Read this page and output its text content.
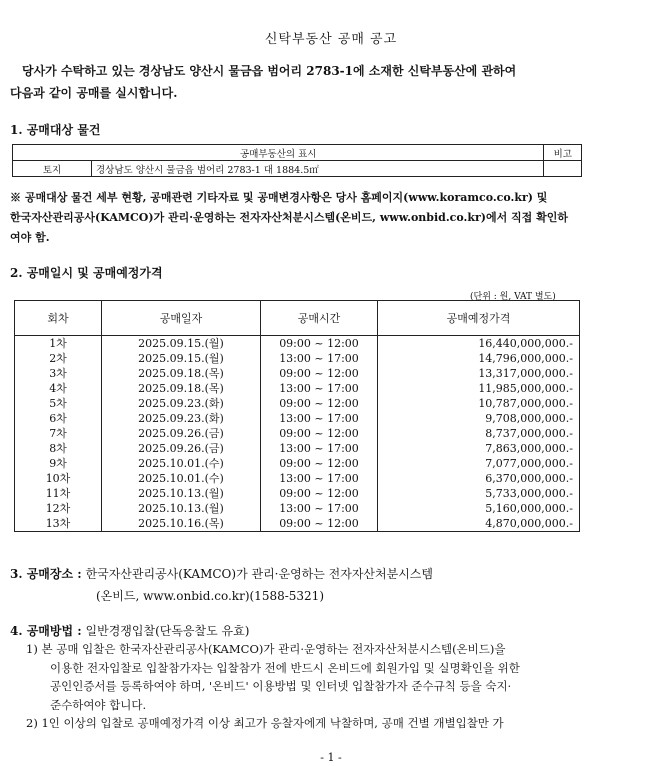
신탁부동산 공매 공고

　당사가 수탁하고 있는 경상남도 양산시 물금읍 범어리 2783-1에 소재한 신탁부동산에 관하여

다음과 같이 공매를 실시합니다.

1. 공매대상 물건
공매부동산의 표시		비고
토지	경상남도 양산시 물금읍 범어리 2783-1 대 1884.5㎡	
※ 공매대상 물건 세부 현황, 공매관련 기타자료 및 공매변경사항은 당사 홈페이지(www.koramco.co.kr) 및
한국자산관리공사(KAMCO)가 관리·운영하는 전자자산처분시스템(온비드, www.onbid.co.kr)에서 직접 확인하
여야 함.
2. 공매일시 및 공매예정가격
(단위 : 원, VAT 별도)
회차	공매일자	공매시간	공매예정가격
1차	2025.09.15.(월)	09:00 ~ 12:00	16,440,000,000.-
2차	2025.09.15.(월)	13:00 ~ 17:00	14,796,000,000.-
3차	2025.09.18.(목)	09:00 ~ 12:00	13,317,000,000.-
4차	2025.09.18.(목)	13:00 ~ 17:00	11,985,000,000.-
5차	2025.09.23.(화)	09:00 ~ 12:00	10,787,000,000.-
6차	2025.09.23.(화)	13:00 ~ 17:00	9,708,000,000.-
7차	2025.09.26.(금)	09:00 ~ 12:00	8,737,000,000.-
8차	2025.09.26.(금)	13:00 ~ 17:00	7,863,000,000.-
9차	2025.10.01.(수)	09:00 ~ 12:00	7,077,000,000.-
10차	2025.10.01.(수)	13:00 ~ 17:00	6,370,000,000.-
11차	2025.10.13.(월)	09:00 ~ 12:00	5,733,000,000.-
12차	2025.10.13.(월)	13:00 ~ 17:00	5,160,000,000.-
13차	2025.10.16.(목)	09:00 ~ 12:00	4,870,000,000.-
3. 공매장소 : 한국자산관리공사(KAMCO)가 관리·운영하는 전자자산처분시스템
(온비드, www.onbid.co.kr)(1588-5321)
4. 공매방법 : 일반경쟁입찰(단독응찰도 유효)

1) 본 공매 입찰은 한국자산관리공사(KAMCO)가 관리·운영하는 전자자산처분시스템(온비드)을

이용한 전자입찰로 입찰참가자는 입찰참가 전에 반드시 온비드에 회원가입 및 실명확인을 위한

공인인증서를 등록하여야 하며, '온비드' 이용방법 및 인터넷 입찰참가자 준수규칙 등을 숙지·

준수하여야 합니다.

2) 1인 이상의 입찰로 공매예정가격 이상 최고가 응찰자에게 낙찰하며, 공매 건별 개별입찰만 가

- 1 -
